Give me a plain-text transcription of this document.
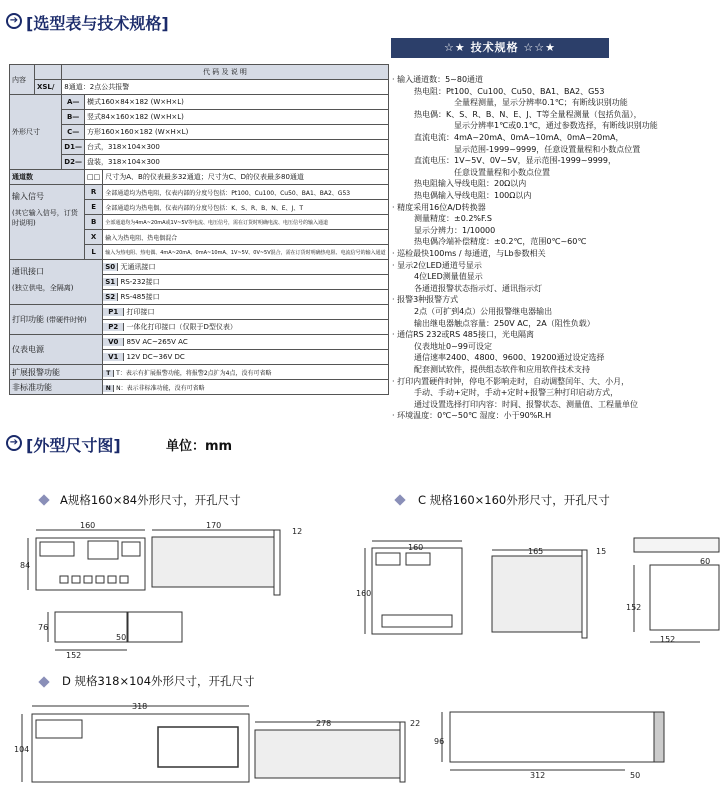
➔ [选型表与技术规格]
☆★ 技术规格 ☆☆★
· 输入通道数：5~80通道
热电阻：Pt100、Cu100、Cu50、BA1、BA2、G53
全量程测量，显示分辨率0.1℃；有断线识别功能
热电偶：K、S、R、B、N、E、J、T等全量程测量（包括负温），
显示分辨率1℃或0.1℃，通过参数选择，有断线识别功能
直流电流：4mA~20mA、0mA~10mA、0mA~20mA，
显示范围-1999~9999，任意设置量程和小数点位置
直流电压：1V~5V、0V~5V，显示范围-1999~9999，
任意设置量程和小数点位置
热电阻输入导线电阻：20Ω以内
热电偶输入导线电阻：100Ω以内
· 精度采用16位A/D转换器
测量精度：±0.2%F.S
显示分辨力：1/10000
热电偶冷端补偿精度：±0.2℃，范围0℃~60℃
· 巡检最快100ms / 每通道，与Lb参数相关
· 显示2位LED通道号显示
4位LED测量值显示
各通道报警状态指示灯、通讯指示灯
· 报警3种报警方式
2点（可扩到4点）公用报警继电器输出
输出继电器触点容量：250V AC，2A（阻性负载）
· 通信RS 232或RS 485接口，光电隔离
仪表地址0~99可设定
通信速率2400、4800、9600、19200通过设定选择
配套测试软件，提供组态软件和应用软件技术支持
· 打印内置硬件时钟，停电不影响走时，自动调整闰年、大、小月，
手动、手动+定时，手动+定时+报警三种打印启动方式，
通过设置选择打印内容：时间、报警状态、测量值、工程量单位
· 环境温度：0℃~50℃ 湿度：小于90%R.H
内容		代 码 及 说 明		
	XSL/	8通道：2点公共报警		
外形尺寸		A—	横式160×84×182 (W×H×L)	
		B—	竖式84×160×182 (W×H×L)	
		C—	方形160×160×182 (W×H×L)	
		D1—	台式，318×104×300	
		D2—	盘装，318×104×300	
通道数			□□	尺寸为A、B的仪表最多32通道；尺寸为C、D的仪表最多80通道

输入信号
(其它输入信号，订货时说明)			R	全部通道均为热电阻，仪表内部的分度号包括：Pt100、Cu100、Cu50、BA1、BA2、G53
			E	全部通道均为热电偶，仪表内部的分度号包括：K、S、R、B、N、E、J、T
			B	全部通道均为4mA~20mA或1V~5V等电流、电压信号，需在订货时明确电流、电压信号的输入通道
			X	输入为热电阻、热电偶混合
			L	输入为热电阻、热电偶、4mA~20mA、0mA~10mA、1V~5V、0V~5V混合，需在订货时明确热电阻、电流信号的输入通道

通讯接口
(独立供电，全隔离)				S0 无通讯接口
				S1 RS-232接口
				S2 RS-485接口
打印功能 (带硬件时钟)				P1 打印接口
				P2 一体化打印接口（仅限于D型仪表）
仪表电源				V0 85V AC~265V AC
				V1 12V DC~36V DC
扩展报警功能				T T：表示有扩展报警功能，将报警2点扩为4点，没有可省略
非标准功能				N N：表示非标准功能，没有可省略
➔ [外型尺寸图]	单位：mm
A规格160×84外形尺寸，开孔尺寸	C 规格160×160外形尺寸，开孔尺寸
D 规格318×104外形尺寸，开孔尺寸
160
84
170
12
76
50
152
160
160
165	15
60
152
152
318
104
278	22
96
312	50
